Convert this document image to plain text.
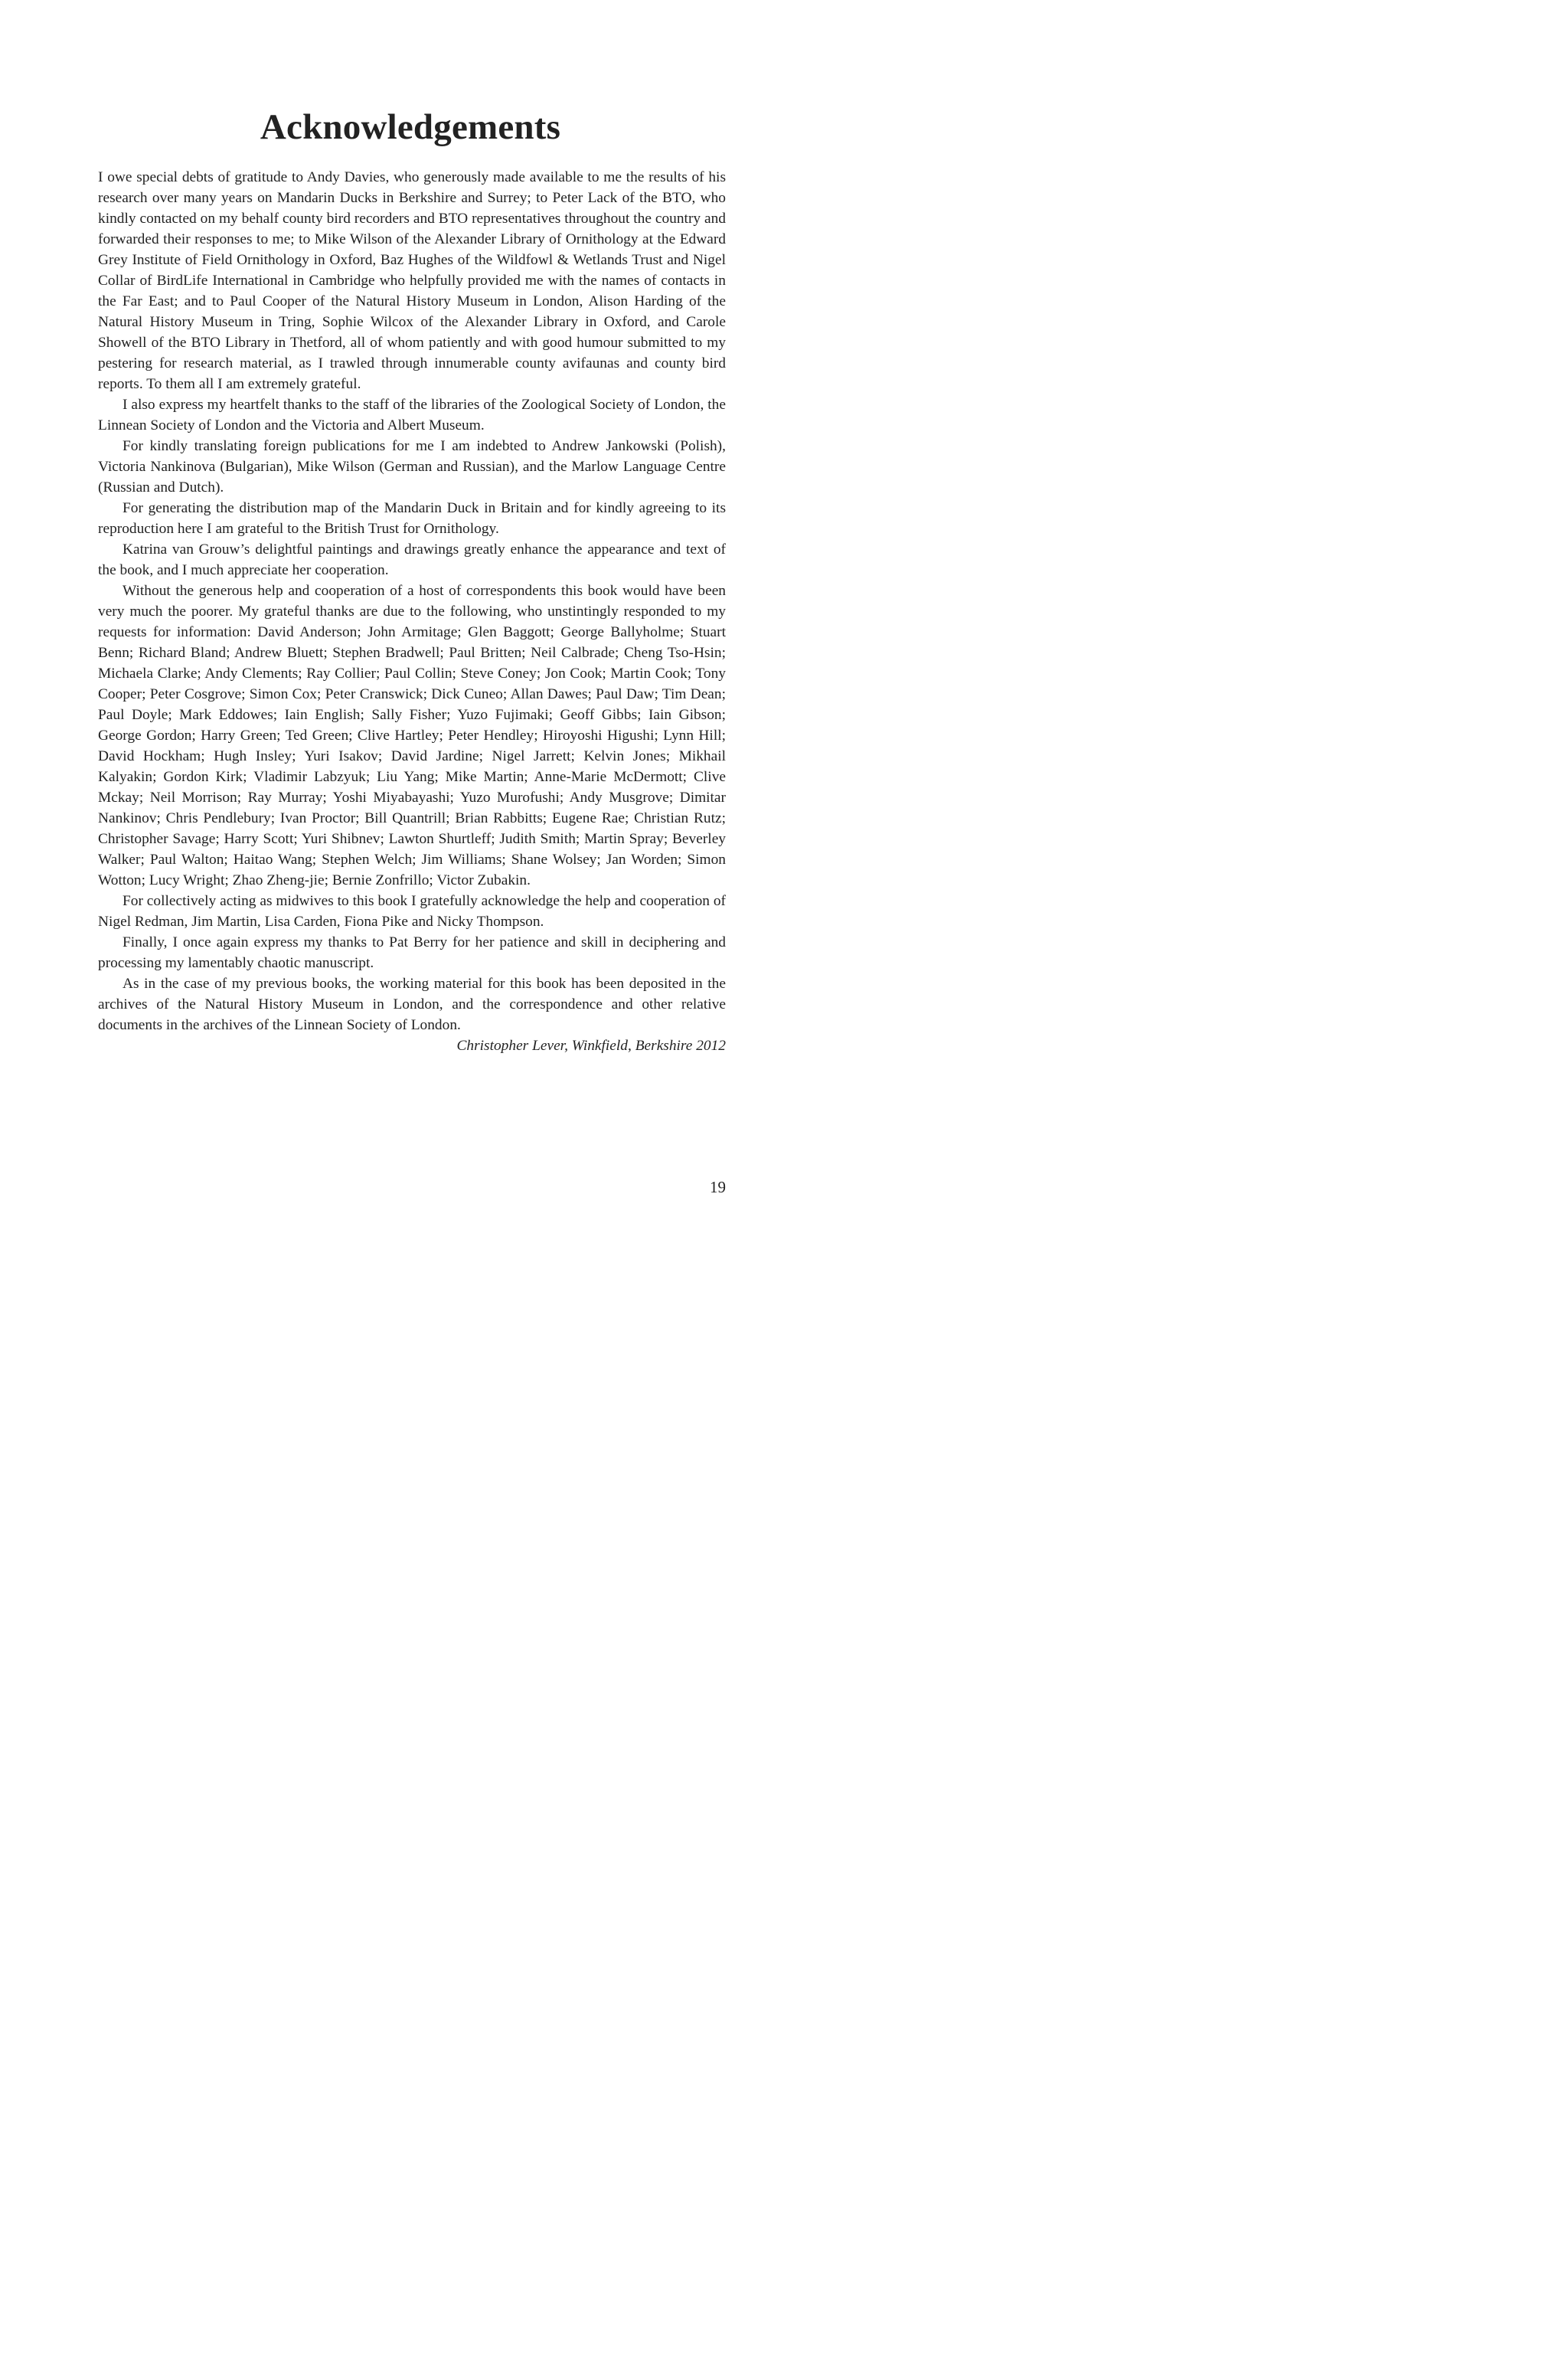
Acknowledgements

I owe special debts of gratitude to Andy Davies, who generously made available to me the results of his research over many years on Mandarin Ducks in Berkshire and Surrey; to Peter Lack of the BTO, who kindly contacted on my behalf county bird recorders and BTO representatives throughout the country and forwarded their responses to me; to Mike Wilson of the Alexander Library of Ornithology at the Edward Grey Institute of Field Ornithology in Oxford, Baz Hughes of the Wildfowl & Wetlands Trust and Nigel Collar of BirdLife International in Cambridge who helpfully provided me with the names of contacts in the Far East; and to Paul Cooper of the Natural History Museum in London, Alison Harding of the Natural History Museum in Tring, Sophie Wilcox of the Alexander Library in Oxford, and Carole Showell of the BTO Library in Thetford, all of whom patiently and with good humour submitted to my pestering for research material, as I trawled through innumerable county avifaunas and county bird reports. To them all I am extremely grateful.

I also express my heartfelt thanks to the staff of the libraries of the Zoological Society of London, the Linnean Society of London and the Victoria and Albert Museum.

For kindly translating foreign publications for me I am indebted to Andrew Jankowski (Polish), Victoria Nankinova (Bulgarian), Mike Wilson (German and Russian), and the Marlow Language Centre (Russian and Dutch).

For generating the distribution map of the Mandarin Duck in Britain and for kindly agreeing to its reproduction here I am grateful to the British Trust for Ornithology.

Katrina van Grouw’s delightful paintings and drawings greatly enhance the appearance and text of the book, and I much appreciate her cooperation.

Without the generous help and cooperation of a host of correspondents this book would have been very much the poorer. My grateful thanks are due to the following, who unstintingly responded to my requests for information: David Anderson; John Armitage; Glen Baggott; George Ballyholme; Stuart Benn; Richard Bland; Andrew Bluett; Stephen Bradwell; Paul Britten; Neil Calbrade; Cheng Tso-Hsin; Michaela Clarke; Andy Clements; Ray Collier; Paul Collin; Steve Coney; Jon Cook; Martin Cook; Tony Cooper; Peter Cosgrove; Simon Cox; Peter Cranswick; Dick Cuneo; Allan Dawes; Paul Daw; Tim Dean; Paul Doyle; Mark Eddowes; Iain English; Sally Fisher; Yuzo Fujimaki; Geoff Gibbs; Iain Gibson; George Gordon; Harry Green; Ted Green; Clive Hartley; Peter Hendley; Hiroyoshi Higushi; Lynn Hill; David Hockham; Hugh Insley; Yuri Isakov; David Jardine; Nigel Jarrett; Kelvin Jones; Mikhail Kalyakin; Gordon Kirk; Vladimir Labzyuk; Liu Yang; Mike Martin; Anne-Marie McDermott; Clive Mckay; Neil Morrison; Ray Murray; Yoshi Miyabayashi; Yuzo Murofushi; Andy Musgrove; Dimitar Nankinov; Chris Pendlebury; Ivan Proctor; Bill Quantrill; Brian Rabbitts; Eugene Rae; Christian Rutz; Christopher Savage; Harry Scott; Yuri Shibnev; Lawton Shurtleff; Judith Smith; Martin Spray; Beverley Walker; Paul Walton; Haitao Wang; Stephen Welch; Jim Williams; Shane Wolsey; Jan Worden; Simon Wotton; Lucy Wright; Zhao Zheng-jie; Bernie Zonfrillo; Victor Zubakin.

For collectively acting as midwives to this book I gratefully acknowledge the help and cooperation of Nigel Redman, Jim Martin, Lisa Carden, Fiona Pike and Nicky Thompson.

Finally, I once again express my thanks to Pat Berry for her patience and skill in deciphering and processing my lamentably chaotic manuscript.

As in the case of my previous books, the working material for this book has been deposited in the archives of the Natural History Museum in London, and the correspondence and other relative documents in the archives of the Linnean Society of London.

Christopher Lever, Winkfield, Berkshire 2012

19
